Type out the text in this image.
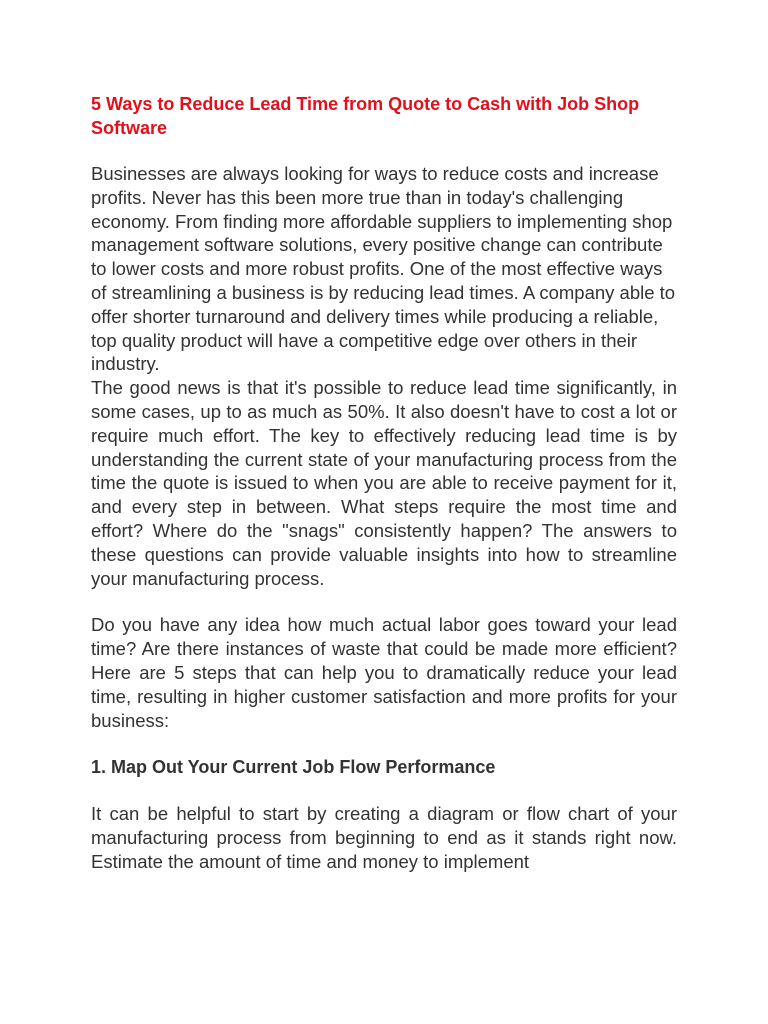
5 Ways to Reduce Lead Time from Quote to Cash with Job Shop Software

Businesses are always looking for ways to reduce costs and increase profits. Never has this been more true than in today's challenging economy. From finding more affordable suppliers to implementing shop management software solutions, every positive change can contribute to lower costs and more robust profits. One of the most effective ways of streamlining a business is by reducing lead times. A company able to offer shorter turnaround and delivery times while producing a reliable, top quality product will have a competitive edge over others in their industry.

The good news is that it's possible to reduce lead time significantly, in some cases, up to as much as 50%. It also doesn't have to cost a lot or require much effort. The key to effectively reducing lead time is by understanding the current state of your manufacturing process from the time the quote is issued to when you are able to receive payment for it, and every step in between. What steps require the most time and effort? Where do the "snags" consistently happen? The answers to these questions can provide valuable insights into how to streamline your manufacturing process.

Do you have any idea how much actual labor goes toward your lead time? Are there instances of waste that could be made more efficient? Here are 5 steps that can help you to dramatically reduce your lead time, resulting in higher customer satisfaction and more profits for your business:

1. Map Out Your Current Job Flow Performance

It can be helpful to start by creating a diagram or flow chart of your manufacturing process from beginning to end as it stands right now. Estimate the amount of time and money to implement
